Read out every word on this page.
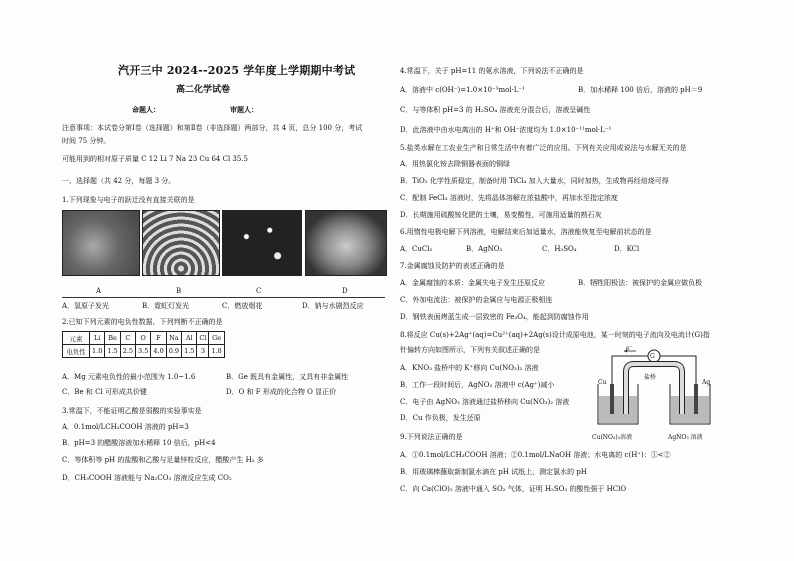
汽开三中 2024--2025 学年度上学期期中考试
高二化学试卷
命题人：	审题人：
注意事项：本试卷分第Ⅰ卷（选择题）和第Ⅱ卷（非选择题）两部分，共 4 页，总分 100 分，考试
时间 75 分钟。
可能用到的相对原子质量 C 12 Li 7 Na 23 Cu 64 Cl 35.5
一、选择题（共 42 分，每题 3 分。
1.下列现象与电子的跃迁没有直接关联的是
A	B	C	D
A．氢原子发光	B．霓虹灯发光	C．燃放烟花	D．钠与水剧烈反应
2.已知下列元素的电负性数据，下列判断不正确的是
元素	Li	Be	C	O	F	Na	Al	Cl	Ge
电负性	1.0	1.5	2.5	3.5	4.0	0.9	1.5	3	1.8
A．Mg 元素电负性的最小范围为 1.0~1.6	B．Ge 既具有金属性，又具有非金属性
C．Be 和 Cl 可形成共价键	D．O 和 F 形成的化合物 O 显正价
3.常温下，不能证明乙酸是弱酸的实验事实是
A．0.1mol/LCH₃COOH 溶液的 pH=3
B．pH=3 的醋酸溶液加水稀释 10 倍后，pH<4
C．等体积等 pH 的盐酸和乙酸与足量锌粒反应，醋酸产生 H₂ 多
D．CH₃COOH 溶液能与 Na₂CO₃ 溶液反应生成 CO₂
4.常温下，关于 pH=11 的氨水溶液，下列说法不正确的是
A．溶液中 c(OH⁻)=1.0×10⁻³mol·L⁻¹	B．加水稀释 100 倍后，溶液的 pH＝9
C．与等体积 pH=3 的 H₂SO₄ 溶液充分混合后，溶液呈碱性
D．此溶液中由水电离出的 H⁺和 OH⁻浓度均为 1.0×10⁻¹¹mol·L⁻¹
5.盐类水解在工农业生产和日常生活中有着广泛的应用。下列有关应用或说法与水解无关的是
A．用热氯化铵去除铜器表面的铜绿
B．TiO₂ 化学性质稳定，制备时用 TiCl₄ 加入大量水，同时加热，生成物再经焙烧可得
C．配制 FeCl₃ 溶液时，先将晶体溶解在浓盐酸中，再加水至指定浓度
D．长期施用硫酸铵化肥的土壤，易变酸性，可施用适量的熟石灰
6.用惰性电极电解下列溶液，电解结束后加适量水，溶液能恢复至电解前状态的是
A．CuCl₂	B．AgNO₃	C．H₂SO₄	D．KCl
7.金属腐蚀及防护的表述正确的是
A．金属腐蚀的本质：金属失电子发生还原反应	B．牺牲阳极法：被保护的金属应做负极
C．外加电流法：被保护的金属应与电源正极相连
D．钢铁表面烤蓝生成一层致密的 Fe₃O₄，能起到防腐蚀作用
8.将反应 Cu(s)+2Ag⁺(aq)=Cu²⁺(aq)+2Ag(s)设计成原电池，某一时刻的电子流向及电流计(G)指
针偏转方向如图所示，下列有关叙述正确的是
A．KNO₃ 盐桥中的 K⁺移向 Cu(NO₃)₂ 溶液
B．工作一段时间后，AgNO₃ 溶液中 c(Ag⁺)减小
C．电子由 AgNO₃ 溶液通过盐桥移向 Cu(NO₃)₂ 溶液
D．Cu 作负极，发生还原
G
e⁻
盐桥
Cu	Ag
Cu(NO₃)₂溶液	AgNO₃ 溶液
9.下列说法正确的是
A．①0.1mol/LCH₃COOH 溶液；②0.1mol/LNaOH 溶液；水电离的 c(H⁺)：①<②
B．用玻璃棒蘸取新制氯水滴在 pH 试纸上，测定氯水的 pH
C．向 Ca(ClO)₂ 溶液中通入 SO₂ 气体，证明 H₂SO₃ 的酸性强于 HClO
